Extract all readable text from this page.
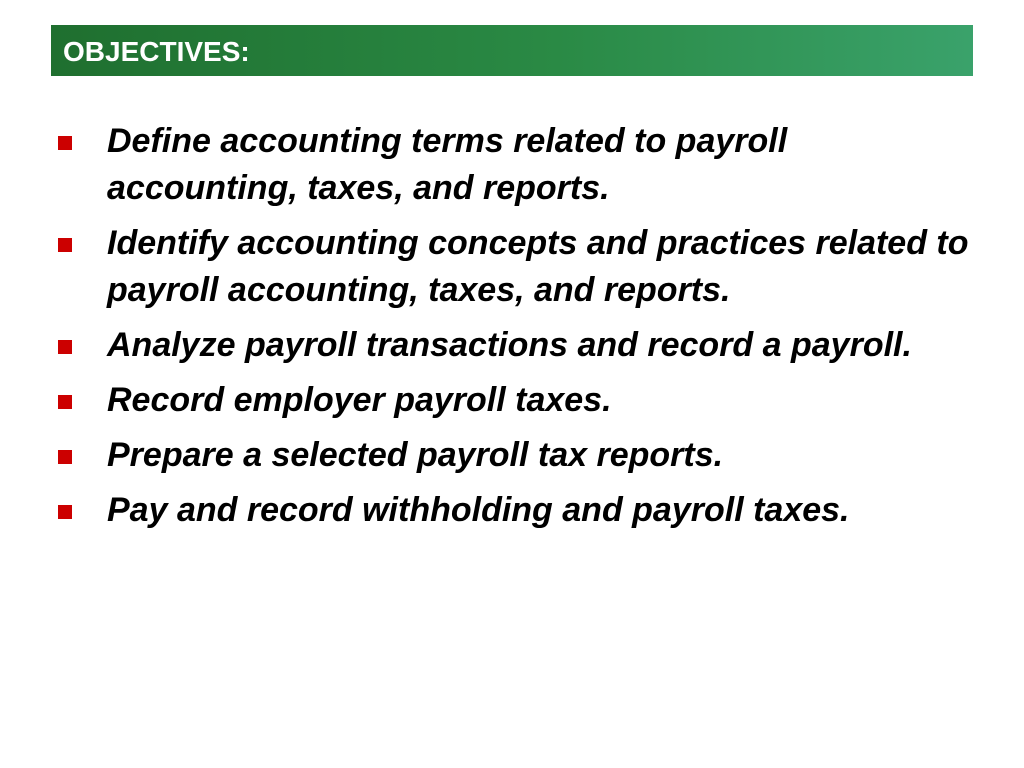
OBJECTIVES:
Define accounting terms related to payroll accounting, taxes, and reports.
Identify accounting concepts and practices related to payroll accounting, taxes, and reports.
Analyze payroll transactions and record a payroll.
Record employer payroll taxes.
Prepare a selected payroll tax reports.
Pay and record withholding and payroll taxes.
